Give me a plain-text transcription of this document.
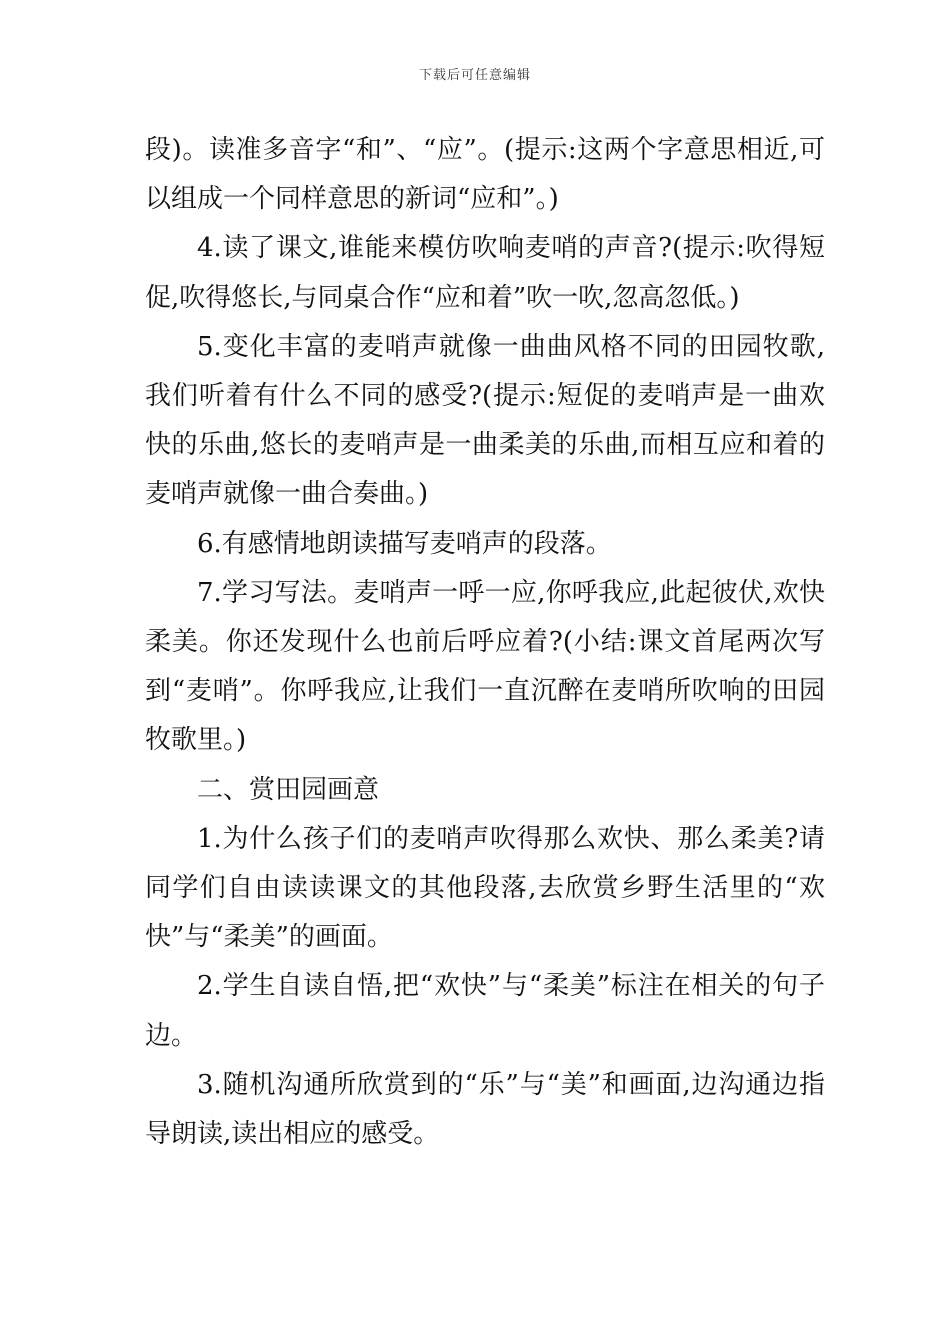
下载后可任意编辑

段)。读准多音字“和”、“应”。(提示:这两个字意思相近,可以组成一个同样意思的新词“应和”。)

4.读了课文,谁能来模仿吹响麦哨的声音?(提示:吹得短促,吹得悠长,与同桌合作“应和着”吹一吹,忽高忽低。)

5.变化丰富的麦哨声就像一曲曲风格不同的田园牧歌,我们听着有什么不同的感受?(提示:短促的麦哨声是一曲欢快的乐曲,悠长的麦哨声是一曲柔美的乐曲,而相互应和着的麦哨声就像一曲合奏曲。)

6.有感情地朗读描写麦哨声的段落。

7.学习写法。麦哨声一呼一应,你呼我应,此起彼伏,欢快柔美。你还发现什么也前后呼应着?(小结:课文首尾两次写到“麦哨”。你呼我应,让我们一直沉醉在麦哨所吹响的田园牧歌里。)

二、赏田园画意

1.为什么孩子们的麦哨声吹得那么欢快、那么柔美?请同学们自由读读课文的其他段落,去欣赏乡野生活里的“欢快”与“柔美”的画面。

2.学生自读自悟,把“欢快”与“柔美”标注在相关的句子边。

3.随机沟通所欣赏到的“乐”与“美”和画面,边沟通边指导朗读,读出相应的感受。
